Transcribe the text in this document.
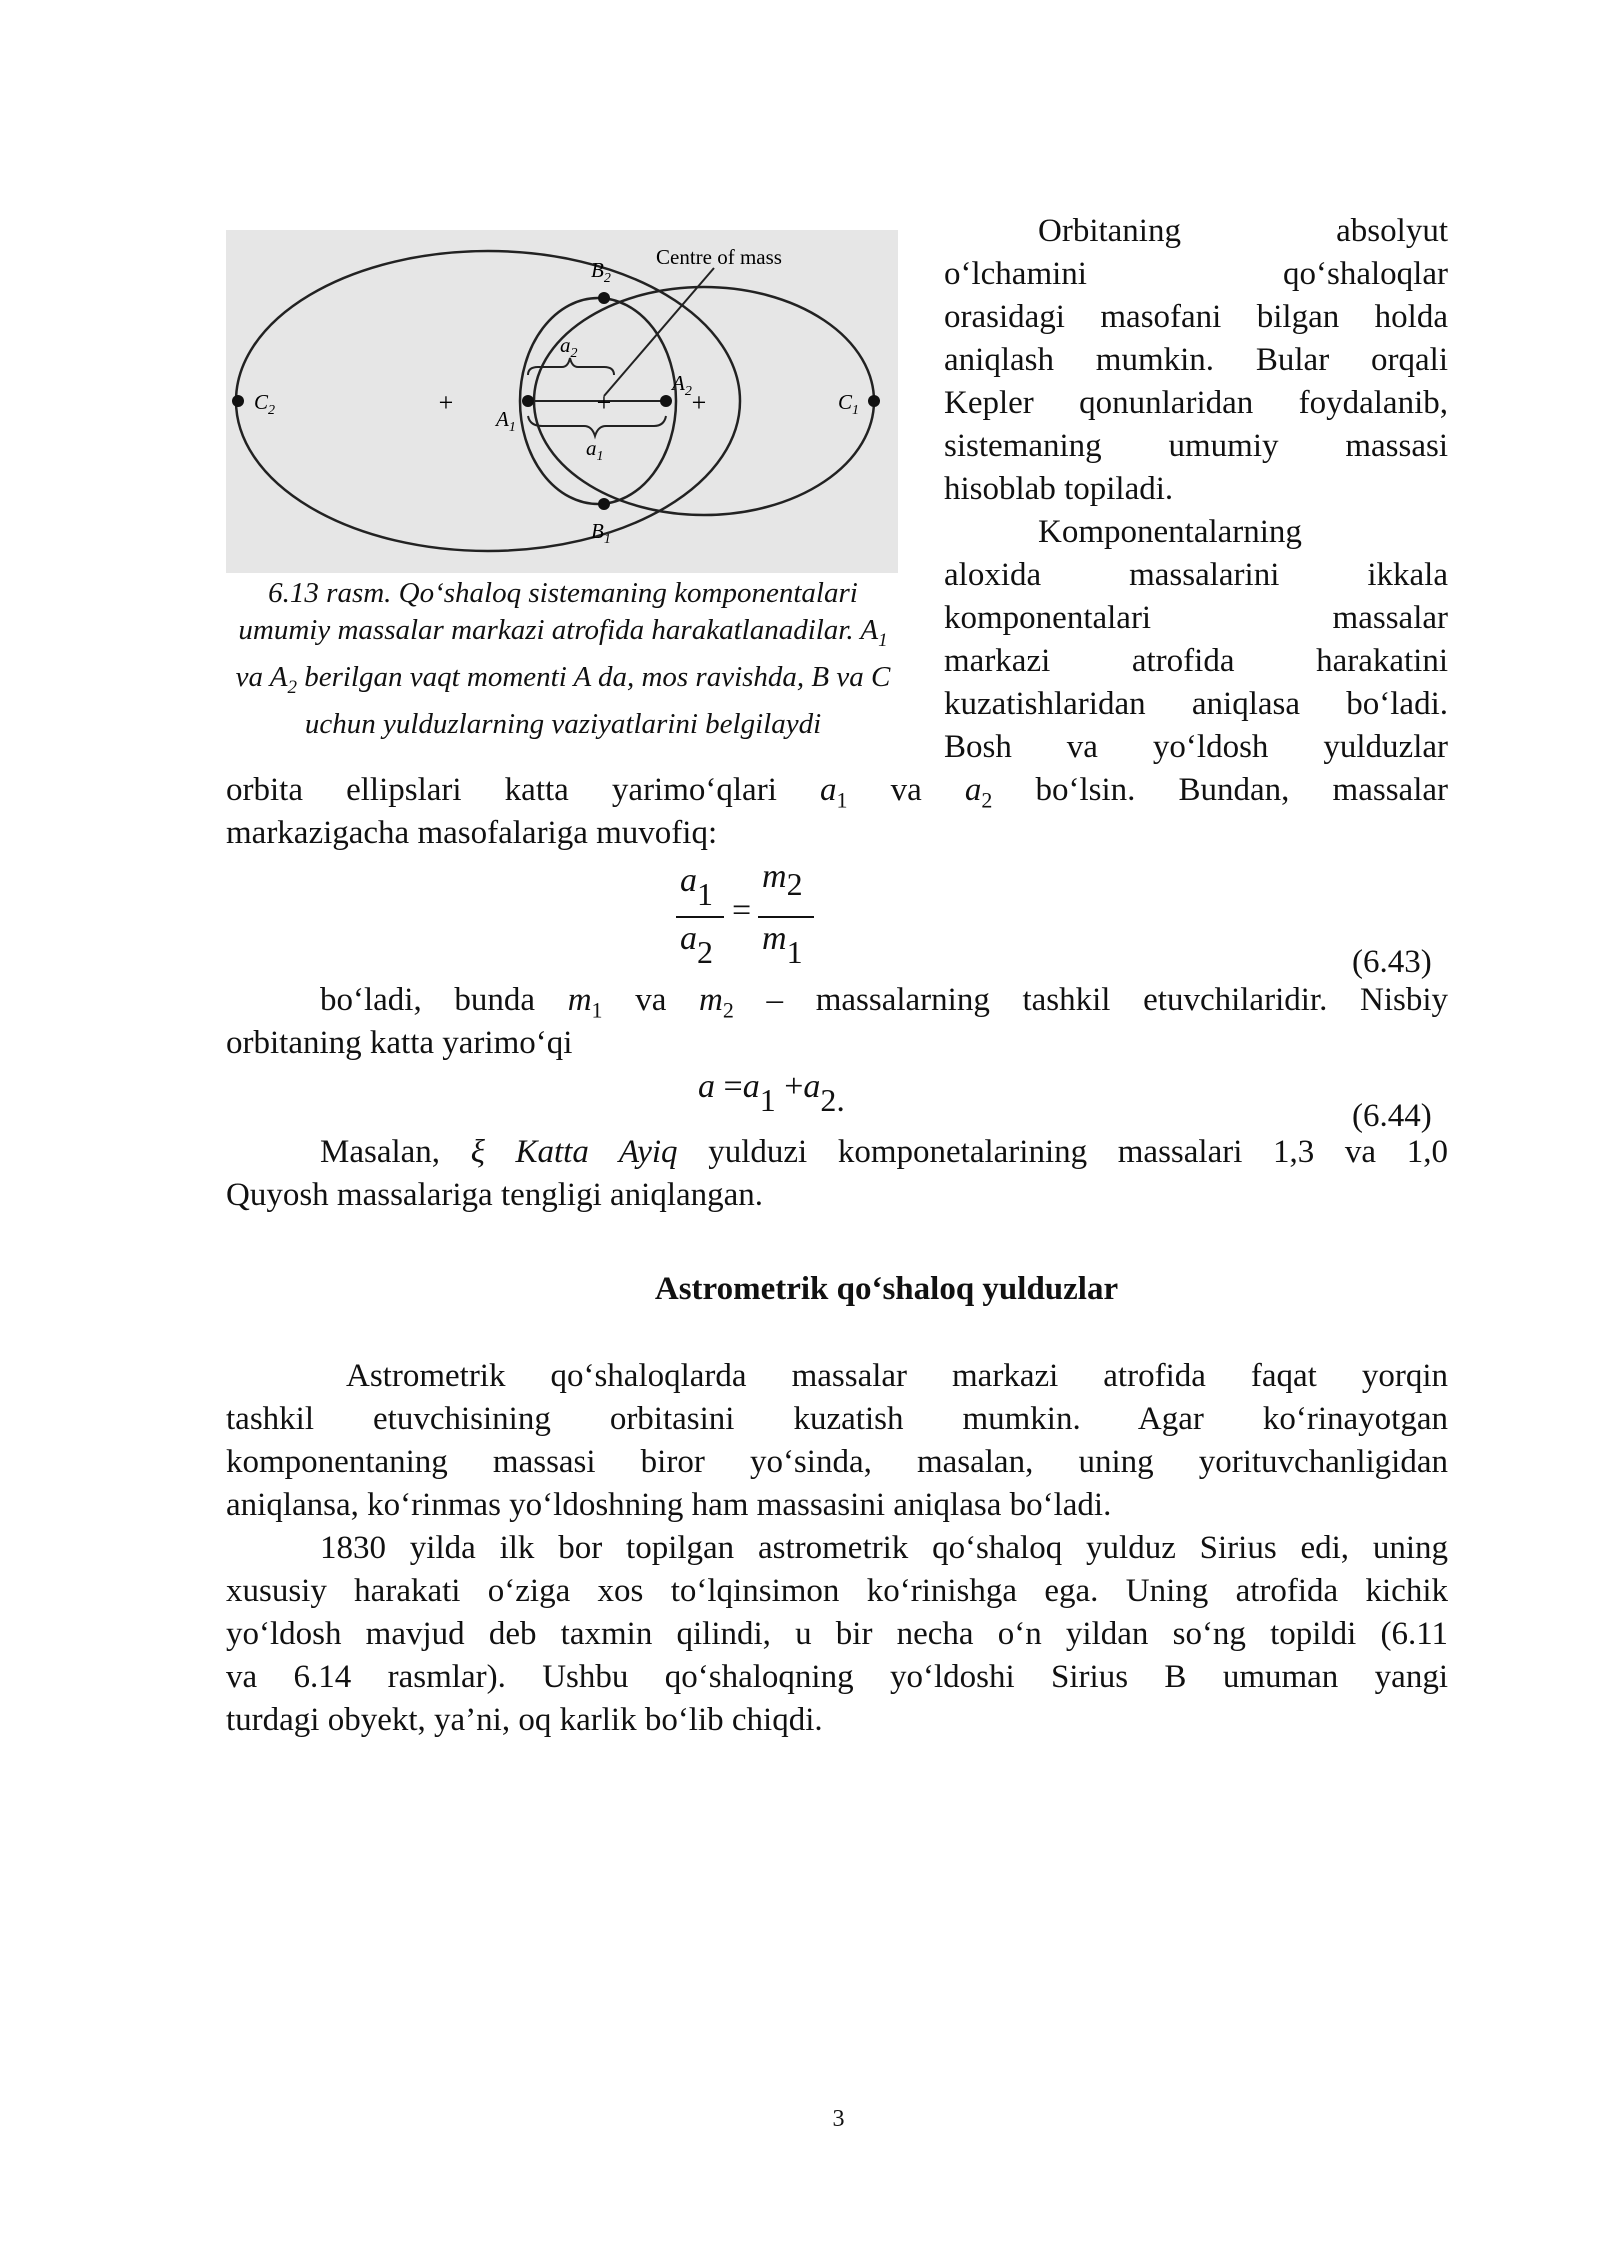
+	+	+
Centre of mass
$B_2$
$B_1$
$C_2$	$C_1$
$A_1$
$A_2$
$a_2$
$a_1$
6.13 rasm. Qo‘shaloq sistemaning komponentalari umumiy massalar markazi atrofida harakatlanadilar. $A_1$ va $A_2$ berilgan vaqt momenti A da, mos ravishda, B va C uchun yulduzlarning vaziyatlarini belgilaydi
Orbitaning absolyut
o‘lchamini qo‘shaloqlar
orasidagi masofani bilgan holda
aniqlash mumkin. Bular orqali
Kepler qonunlaridan foydalanib,
sistemaning umumiy massasi
hisoblab topiladi.
Komponentalarning
aloxida massalarini ikkala
komponentalari massalar
markazi atrofida harakatini
kuzatishlaridan aniqlasa bo‘ladi.
Bosh va yo‘ldosh yulduzlar
orbita ellipslari katta yarimo‘qlari $a_1$ va $a_2$ bo‘lsin. Bundan, massalar
markazigacha masofalariga muvofiq:
a1
a2
=
m2
m1	(6.43)
bo‘ladi, bunda $m_1$ va $m_2$ – massalarning tashkil etuvchilaridir. Nisbiy
orbitaning katta yarimo‘qi
a =a1 +a2.	(6.44)
Masalan, ξ Katta Ayiq yulduzi komponetalarining massalari 1,3 va 1,0
Quyosh massalariga tengligi aniqlangan.
Astrometrik qo‘shaloq yulduzlar
Astrometrik qo‘shaloqlarda massalar markazi atrofida faqat yorqin
tashkil etuvchisining orbitasini kuzatish mumkin. Agar ko‘rinayotgan
komponentaning massasi biror yo‘sinda, masalan, uning yorituvchanligidan
aniqlansa, ko‘rinmas yo‘ldoshning ham massasini aniqlasa bo‘ladi.
1830 yilda ilk bor topilgan astrometrik qo‘shaloq yulduz Sirius edi, uning
xususiy harakati o‘ziga xos to‘lqinsimon ko‘rinishga ega. Uning atrofida kichik
yo‘ldosh mavjud deb taxmin qilindi, u bir necha o‘n yildan so‘ng topildi (6.11
va 6.14 rasmlar). Ushbu qo‘shaloqning yo‘ldoshi Sirius B umuman yangi
turdagi obyekt, ya’ni, oq karlik bo‘lib chiqdi.
3
